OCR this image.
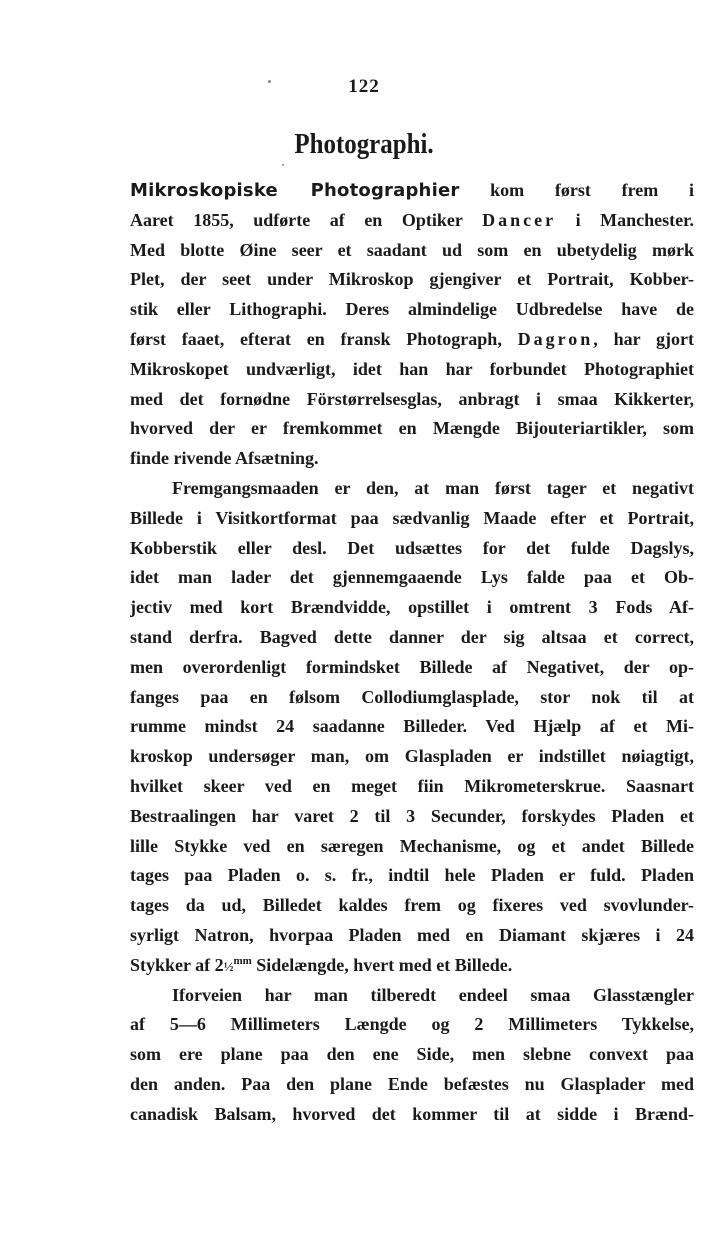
122
Photographi.
Mikroskopiske Photographier kom først frem i
Aaret 1855, udførte af en Optiker Dancer i Manchester.
Med blotte Øine seer et saadant ud som en ubetydelig mørk
Plet, der seet under Mikroskop gjengiver et Portrait, Kobber-
stik eller Lithographi. Deres almindelige Udbredelse have de
først faaet, efterat en fransk Photograph, Dagron, har gjort
Mikroskopet undværligt, idet han har forbundet Photographiet
med det fornødne Förstørrelsesglas, anbragt i smaa Kikkerter,
hvorved der er fremkommet en Mængde Bijouteriartikler, som
finde rivende Afsætning.
Fremgangsmaaden er den, at man først tager et negativt
Billede i Visitkortformat paa sædvanlig Maade efter et Portrait,
Kobberstik eller desl. Det udsættes for det fulde Dagslys,
idet man lader det gjennemgaaende Lys falde paa et Ob-
jectiv med kort Brændvidde, opstillet i omtrent 3 Fods Af-
stand derfra. Bagved dette danner der sig altsaa et correct,
men overordenligt formindsket Billede af Negativet, der op-
fanges paa en følsom Collodiumglasplade, stor nok til at
rumme mindst 24 saadanne Billeder. Ved Hjælp af et Mi-
kroskop undersøger man, om Glaspladen er indstillet nøiagtigt,
hvilket skeer ved en meget fiin Mikrometerskrue. Saasnart
Bestraalingen har varet 2 til 3 Secunder, forskydes Pladen et
lille Stykke ved en særegen Mechanisme, og et andet Billede
tages paa Pladen o. s. fr., indtil hele Pladen er fuld. Pladen
tages da ud, Billedet kaldes frem og fixeres ved svovlunder-
syrligt Natron, hvorpaa Pladen med en Diamant skjæres i 24
Stykker af 2½$^{mm}$ Sidelængde, hvert med et Billede.
Iforveien har man tilberedt endeel smaa Glasstængler
af 5—6 Millimeters Længde og 2 Millimeters Tykkelse,
som ere plane paa den ene Side, men slebne convext paa
den anden. Paa den plane Ende befæstes nu Glasplader med
canadisk Balsam, hvorved det kommer til at sidde i Brænd-
